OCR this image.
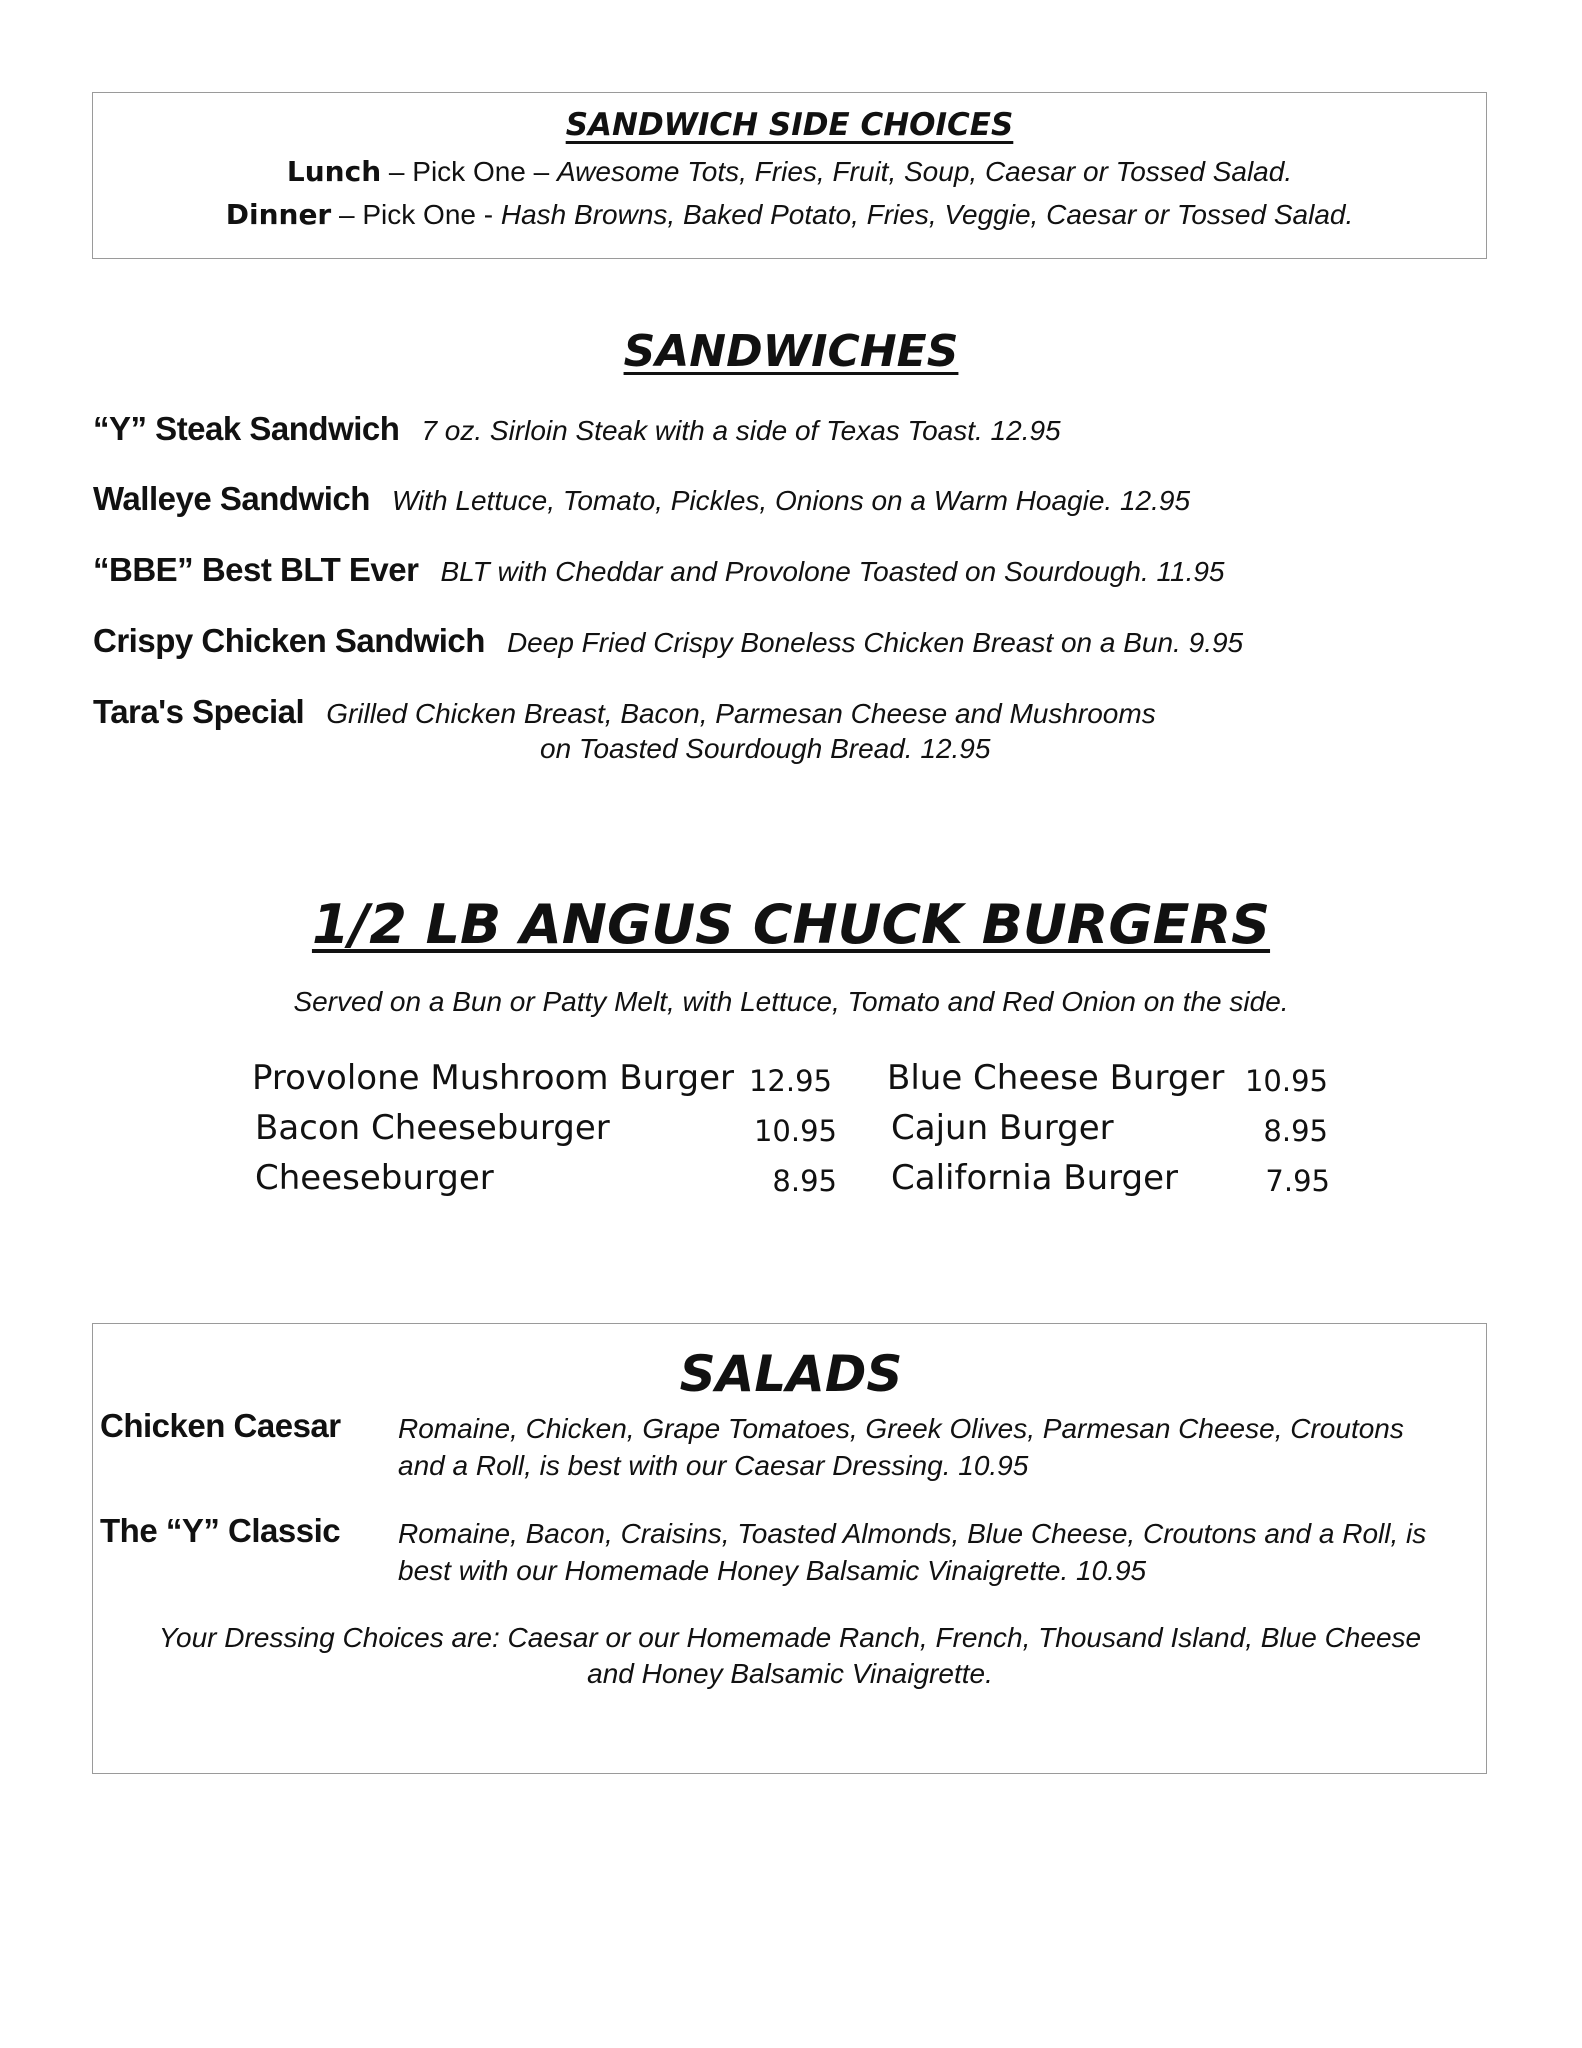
SANDWICH SIDE CHOICES
Lunch – Pick One – Awesome Tots, Fries, Fruit, Soup, Caesar or Tossed Salad.
Dinner – Pick One - Hash Browns, Baked Potato, Fries, Veggie, Caesar or Tossed Salad.
SANDWICHES
“Y” Steak Sandwich 7 oz. Sirloin Steak with a side of Texas Toast. 12.95
Walleye Sandwich With Lettuce, Tomato, Pickles, Onions on a Warm Hoagie. 12.95
“BBE” Best BLT Ever BLT with Cheddar and Provolone Toasted on Sourdough. 11.95
Crispy Chicken Sandwich Deep Fried Crispy Boneless Chicken Breast on a Bun. 9.95
Tara's Special Grilled Chicken Breast, Bacon, Parmesan Cheese and Mushrooms
on Toasted Sourdough Bread. 12.95
1/2 LB ANGUS CHUCK BURGERS
Served on a Bun or Patty Melt, with Lettuce, Tomato and Red Onion on the side.
Provolone Mushroom Burger 12.95
Bacon Cheeseburger	10.95
Cheeseburger	8.95
Blue Cheese Burger 10.95
Cajun Burger	8.95
California Burger	7.95
SALADS
Chicken Caesar Romaine, Chicken, Grape Tomatoes, Greek Olives, Parmesan Cheese, Croutons and a Roll, is best with our Caesar Dressing. 10.95
The “Y” Classic Romaine, Bacon, Craisins, Toasted Almonds, Blue Cheese, Croutons and a Roll, is best with our Homemade Honey Balsamic Vinaigrette. 10.95
Your Dressing Choices are: Caesar or our Homemade Ranch, French, Thousand Island, Blue Cheese and Honey Balsamic Vinaigrette.
